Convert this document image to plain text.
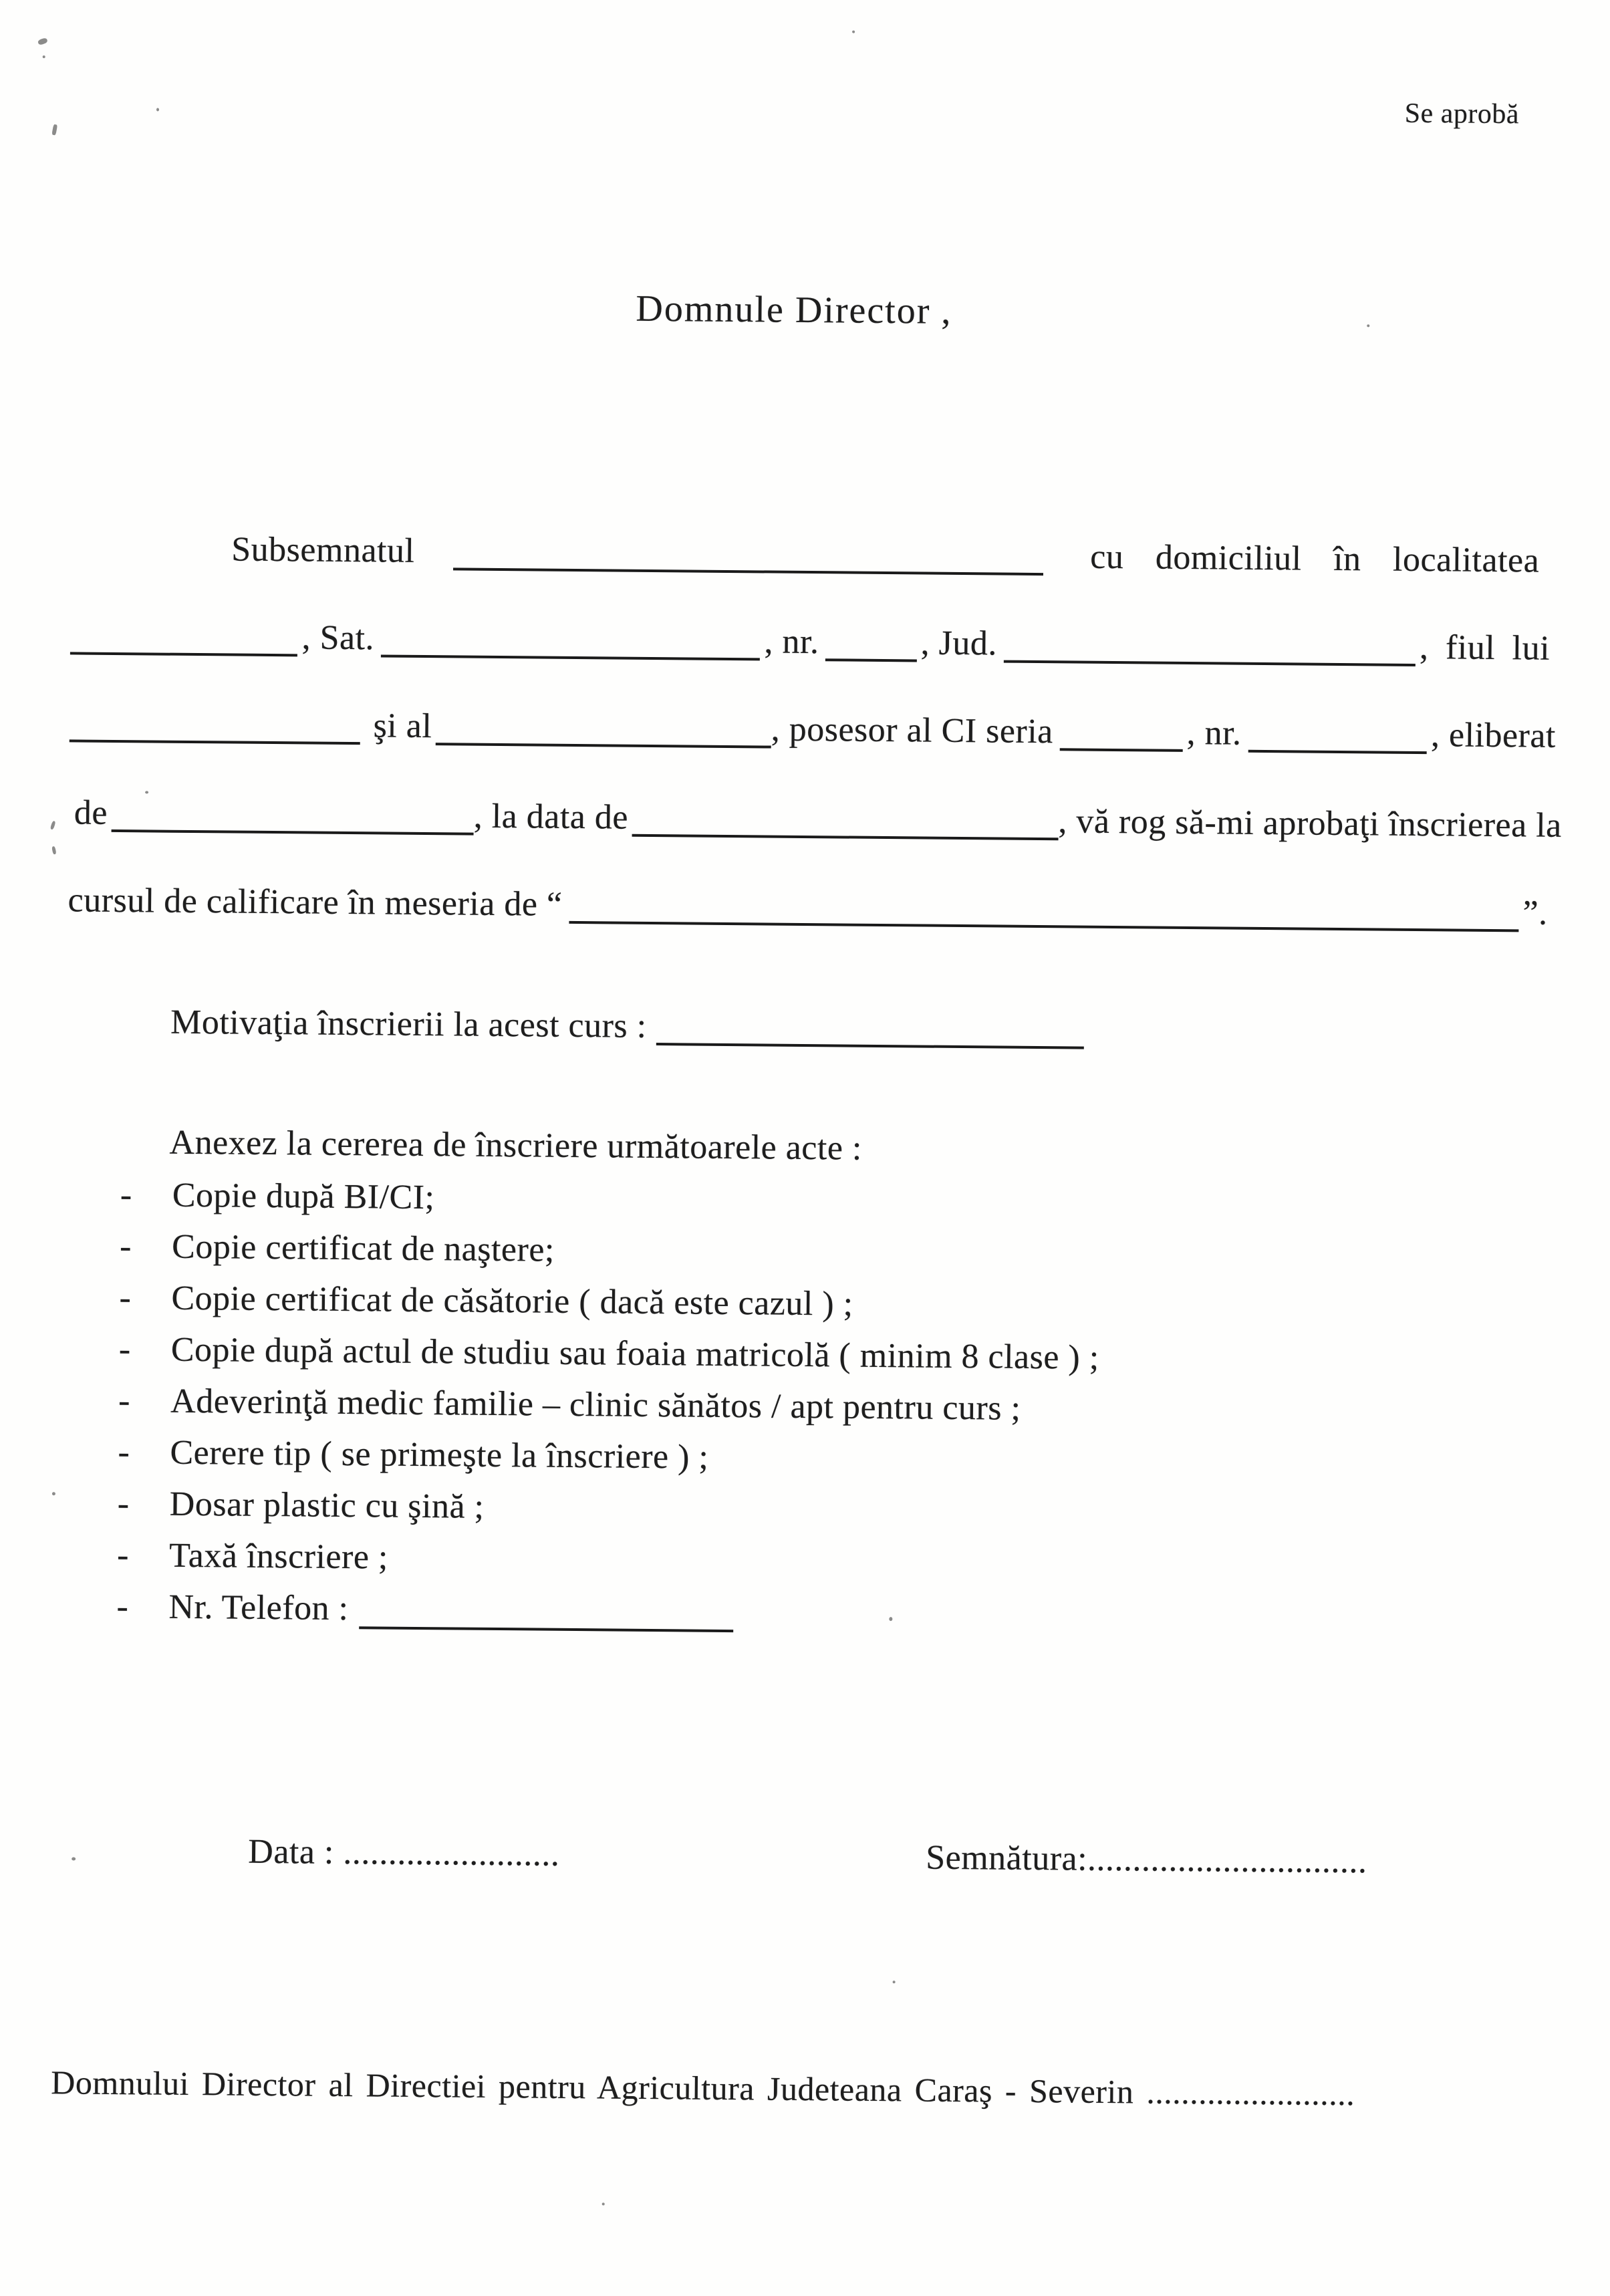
Se aprobă
Domnule Director ,
Subsemnatul	cu domiciliul în localitatea
, Sat.	, nr.	, Jud.	, fiul lui
şi al	, posesor al CI seria	, nr.	, eliberat
de	, la data de	, vă rog să-mi aprobaţi înscrierea la
cursul de calificare în meseria de “	”.
Motivaţia înscrierii la acest curs :
Anexez la cererea de înscriere următoarele acte :
-	Copie după BI/CI;
-	Copie certificat de naştere;
-	Copie certificat de căsătorie ( dacă este cazul ) ;
-	Copie după actul de studiu sau foaia matricolă ( minim 8 clase ) ;
-	Adeverinţă medic familie – clinic sănătos / apt pentru curs ;
-	Cerere tip ( se primeşte la înscriere ) ;
-	Dosar plastic cu şină ;
-	Taxă înscriere ;
-	Nr. Telefon :
Data : ........................	Semnătura:...............................
Domnului Director al Directiei pentru Agricultura Judeteana Caraş - Severin ........................
